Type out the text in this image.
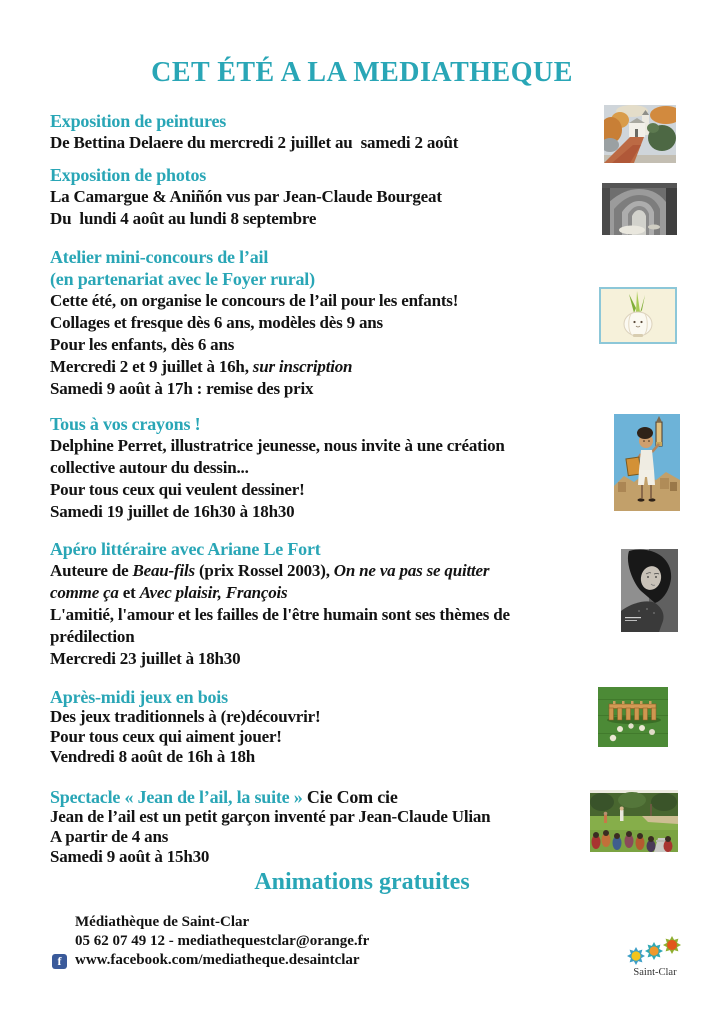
CET ÉTÉ A LA MEDIATHEQUE
Exposition de peintures
De Bettina Delaere du mercredi 2 juillet au  samedi 2 août
Exposition de photos
La Camargue & Aniñón vus par Jean-Claude Bourgeat
Du  lundi 4 août au lundi 8 septembre
Atelier mini-concours de l’ail
(en partenariat avec le Foyer rural)
Cette été, on organise le concours de l’ail pour les enfants!
Collages et fresque dès 6 ans, modèles dès 9 ans
Pour les enfants, dès 6 ans
Mercredi 2 et 9 juillet à 16h, sur inscription
Samedi 9 août à 17h : remise des prix
Tous à vos crayons !
Delphine Perret, illustratrice jeunesse, nous invite à une création
collective autour du dessin...
Pour tous ceux qui veulent dessiner!
Samedi 19 juillet de 16h30 à 18h30
Apéro littéraire avec Ariane Le Fort
Auteure de Beau-fils (prix Rossel 2003), On ne va pas se quitter
comme ça et Avec plaisir, François
L'amitié, l'amour et les failles de l'être humain sont ses thèmes de
prédilection
Mercredi 23 juillet à 18h30
Après-midi jeux en bois
Des jeux traditionnels à (re)découvrir!
Pour tous ceux qui aiment jouer!
Vendredi 8 août de 16h à 18h
Spectacle « Jean de l’ail, la suite » Cie Com cie
Jean de l’ail est un petit garçon inventé par Jean-Claude Ulian
A partir de 4 ans
Samedi 9 août à 15h30
Animations gratuites
Médiathèque de Saint-Clar
05 62 07 49 12 - mediathequestclar@orange.fr
www.facebook.com/mediatheque.desaintclar
f
Saint-Clar
